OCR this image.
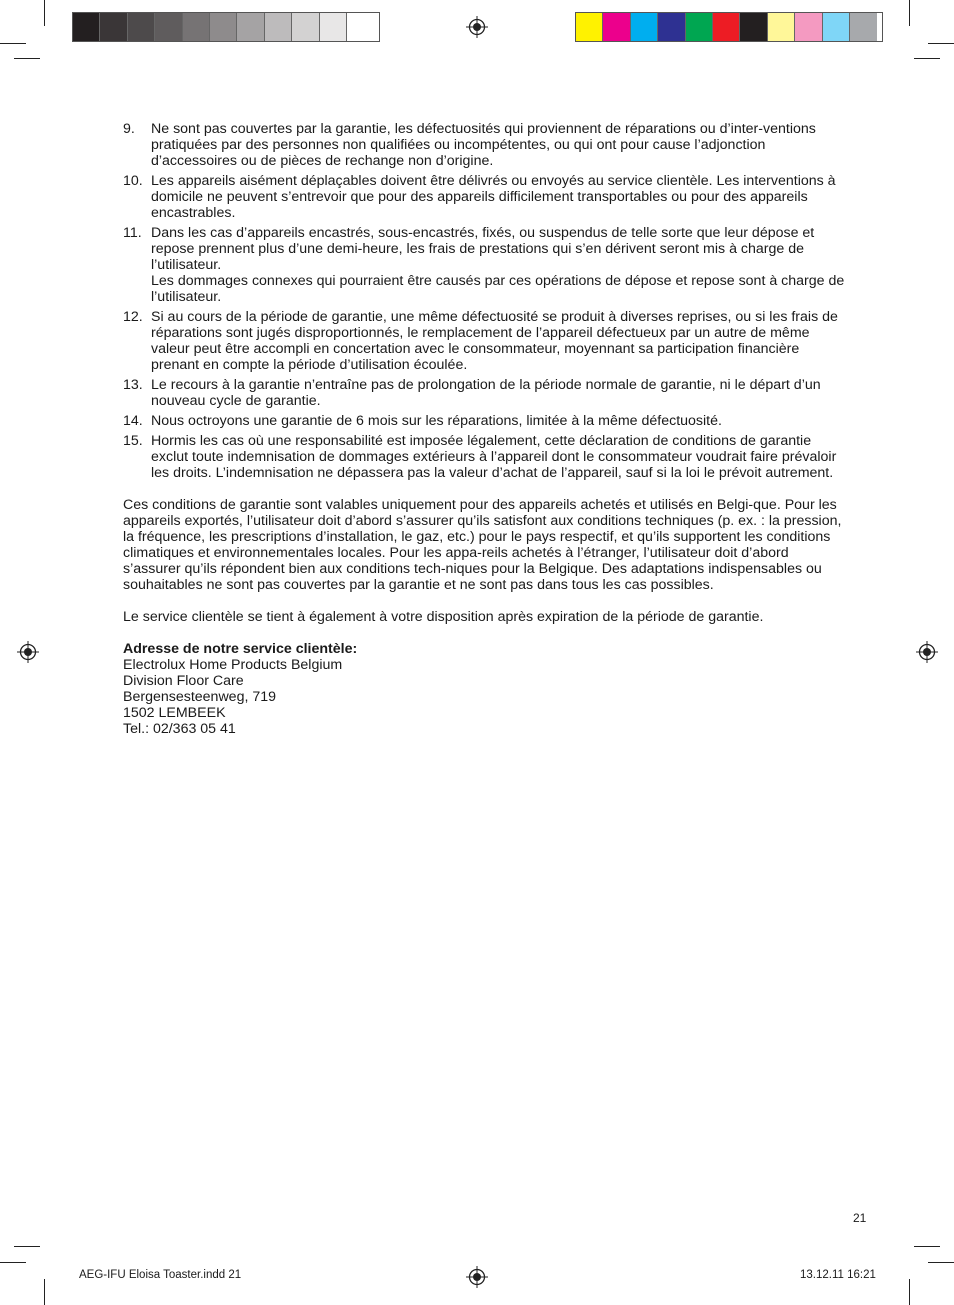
9. Ne sont pas couvertes par la garantie, les défectuosités qui proviennent de réparations ou d’inter-ventions pratiquées par des personnes non qualifiées ou incompétentes, ou qui ont pour cause l’adjonction d’accessoires ou de pièces de rechange non d’origine.

10. Les appareils aisément déplaçables doivent être délivrés ou envoyés au service clientèle. Les interventions à domicile ne peuvent s’entrevoir que pour des appareils difficilement transportables ou pour des appareils encastrables.

11. Dans les cas d’appareils encastrés, sous-encastrés, fixés, ou suspendus de telle sorte que leur dépose et repose prennent plus d’une demi-heure, les frais de prestations qui s’en dérivent seront mis à charge de l’utilisateur.

Les dommages connexes qui pourraient être causés par ces opérations de dépose et repose sont à charge de l’utilisateur.

12. Si au cours de la période de garantie, une même défectuosité se produit à diverses reprises, ou si les frais de réparations sont jugés disproportionnés, le remplacement de l’appareil défectueux par un autre de même valeur peut être accompli en concertation avec le consommateur, moyennant sa participation financière prenant en compte la période d’utilisation écoulée.

13. Le recours à la garantie n’entraîne pas de prolongation de la période normale de garantie, ni le départ d’un nouveau cycle de garantie.

14. Nous octroyons une garantie de 6 mois sur les réparations, limitée à la même défectuosité.

15. Hormis les cas où une responsabilité est imposée légalement, cette déclaration de conditions de garantie exclut toute indemnisation de dommages extérieurs à l’appareil dont le consommateur voudrait faire prévaloir les droits. L’indemnisation ne dépassera pas la valeur d’achat de l’appareil, sauf si la loi le prévoit autrement.

Ces conditions de garantie sont valables uniquement pour des appareils achetés et utilisés en Belgi-que. Pour les appareils exportés, l’utilisateur doit d’abord s’assurer qu’ils satisfont aux conditions techniques (p. ex. : la pression, la fréquence, les prescriptions d’installation, le gaz, etc.) pour le pays respectif, et qu’ils supportent les conditions climatiques et environnementales locales. Pour les appa-reils achetés à l’étranger, l’utilisateur doit d’abord s’assurer qu’ils répondent bien aux conditions tech-niques pour la Belgique. Des adaptations indispensables ou souhaitables ne sont pas couvertes par la garantie et ne sont pas dans tous les cas possibles.

Le service clientèle se tient à également à votre disposition après expiration de la période de garantie.

Adresse de notre service clientèle:
Electrolux Home Products Belgium
Division Floor Care
Bergensesteenweg, 719
1502 LEMBEEK
Tel.: 02/363 05 41
21
AEG-IFU Eloisa Toaster.indd 21	13.12.11 16:21
